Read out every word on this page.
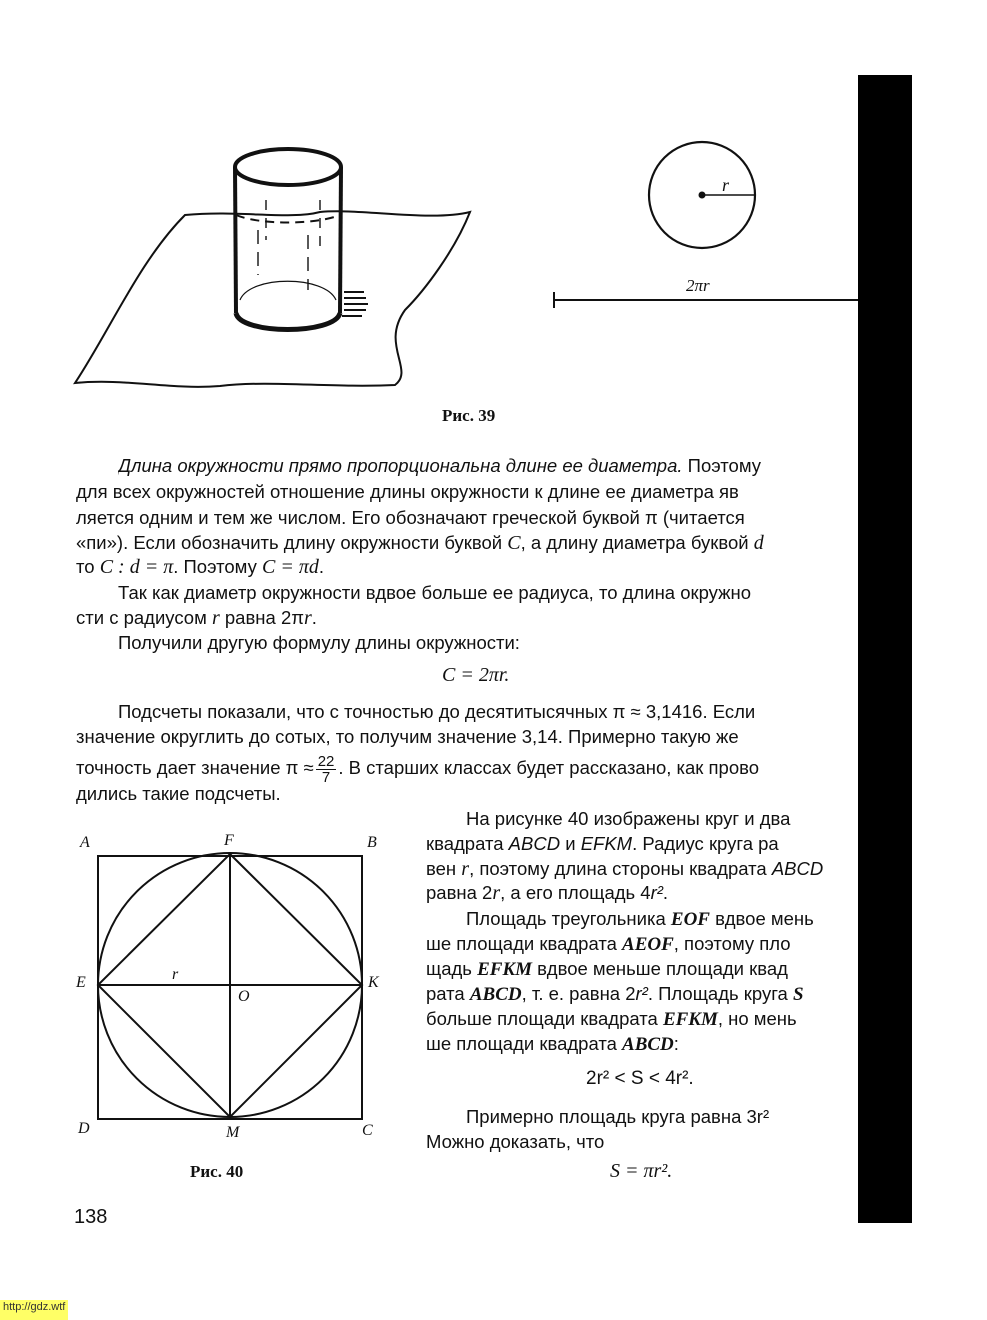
r
2πr
Рис. 39
Длина окружности прямо пропорциональна длине ее диаметра. Поэтому
для всех окружностей отношение длины окружности к длине ее диаметра яв
ляется одним и тем же числом. Его обозначают греческой буквой π (читается
«пи»). Если обозначить длину окружности буквой C, а длину диаметра буквой d
то C : d = π. Поэтому C = πd.
Так как диаметр окружности вдвое больше ее радиуса, то длина окружно
сти с радиусом r равна 2πr.
Получили другую формулу длины окружности:
C = 2πr.
Подсчеты показали, что с точностью до десятитысячных π ≈ 3,1416. Если
значение округлить до сотых, то получим значение 3,14. Примерно такую же
точность дает значение $\pi \approx \frac{22}{7}$ . В старших классах будет рассказано, как прово
дились такие подсчеты.
A	F	B
E	r
O
K
D	M	C
Рис. 40
На рисунке 40 изображены круг и два
квадрата ABCD и EFKM. Радиус круга ра
вен r, поэтому длина стороны квадрата ABCD
равна 2r, а его площадь 4r².
Площадь треугольника EOF вдвое мень
ше площади квадрата AEOF, поэтому пло
щадь EFKM вдвое меньше площади квад
рата ABCD, т. е. равна 2r². Площадь круга S
больше площади квадрата EFKM, но мень
ше площади квадрата ABCD:
2r² < S < 4r².
Примерно площадь круга равна 3r²
Можно доказать, что
S = πr².
138
http://gdz.wtf
